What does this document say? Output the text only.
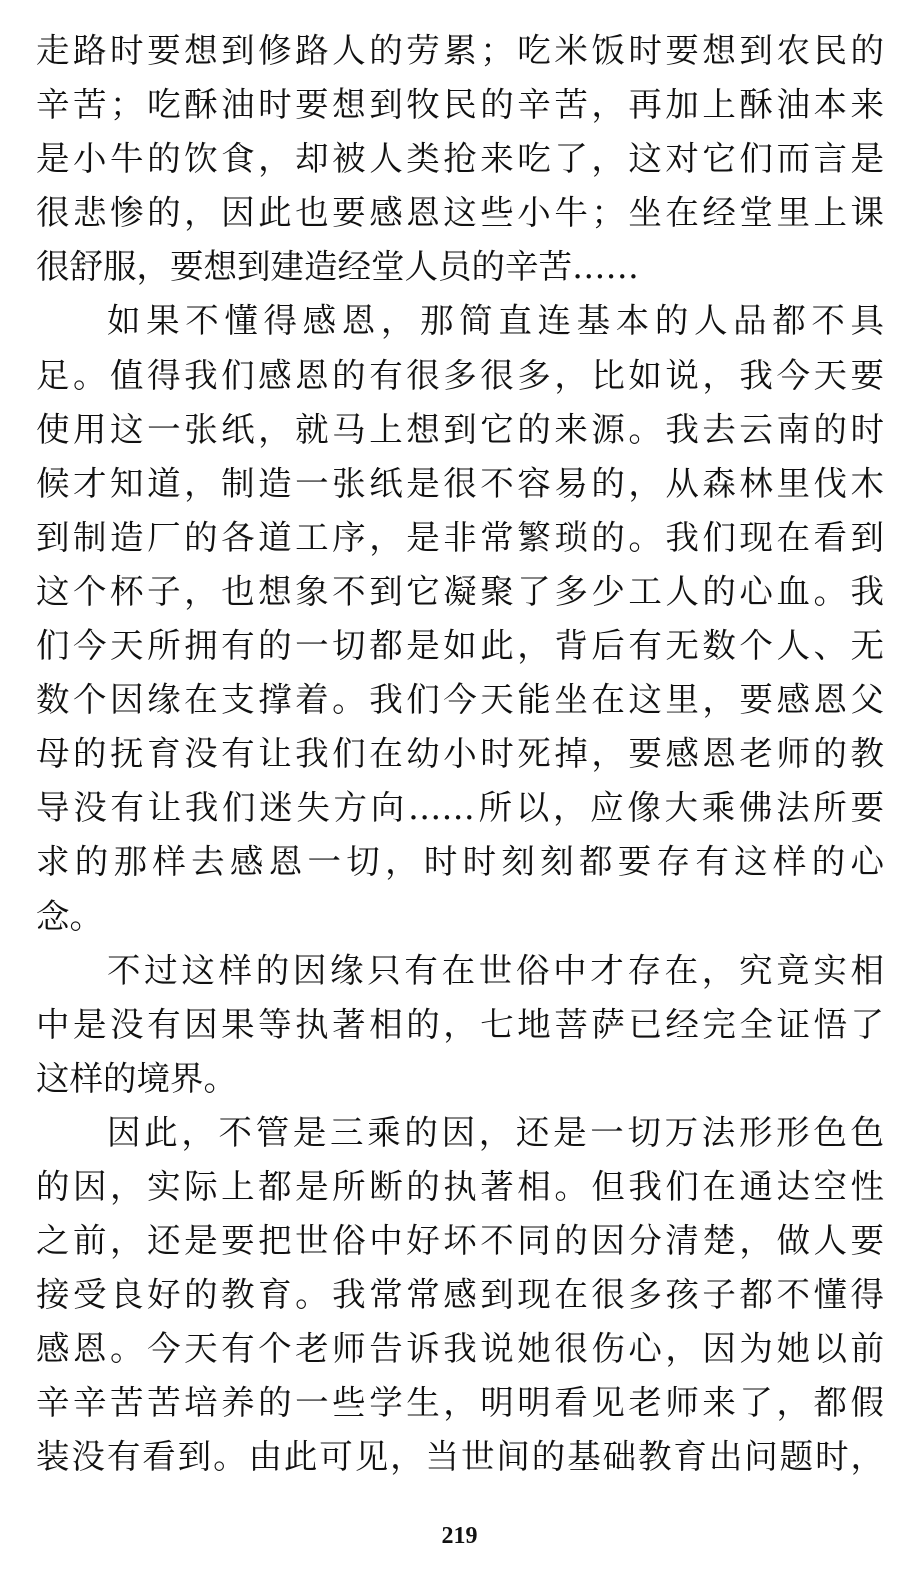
走路时要想到修路人的劳累；吃米饭时要想到农民的
辛苦；吃酥油时要想到牧民的辛苦，再加上酥油本来
是小牛的饮食，却被人类抢来吃了，这对它们而言是
很悲惨的，因此也要感恩这些小牛；坐在经堂里上课
很舒服，要想到建造经堂人员的辛苦……
如果不懂得感恩，那简直连基本的人品都不具
足。值得我们感恩的有很多很多，比如说，我今天要
使用这一张纸，就马上想到它的来源。我去云南的时
候才知道，制造一张纸是很不容易的，从森林里伐木
到制造厂的各道工序，是非常繁琐的。我们现在看到
这个杯子，也想象不到它凝聚了多少工人的心血。我
们今天所拥有的一切都是如此，背后有无数个人、无
数个因缘在支撑着。我们今天能坐在这里，要感恩父
母的抚育没有让我们在幼小时死掉，要感恩老师的教
导没有让我们迷失方向……所以，应像大乘佛法所要
求的那样去感恩一切，时时刻刻都要存有这样的心
念。
不过这样的因缘只有在世俗中才存在，究竟实相
中是没有因果等执著相的，七地菩萨已经完全证悟了
这样的境界。
因此，不管是三乘的因，还是一切万法形形色色
的因，实际上都是所断的执著相。但我们在通达空性
之前，还是要把世俗中好坏不同的因分清楚，做人要
接受良好的教育。我常常感到现在很多孩子都不懂得
感恩。今天有个老师告诉我说她很伤心，因为她以前
辛辛苦苦培养的一些学生，明明看见老师来了，都假
装没有看到。由此可见，当世间的基础教育出问题时，
219
